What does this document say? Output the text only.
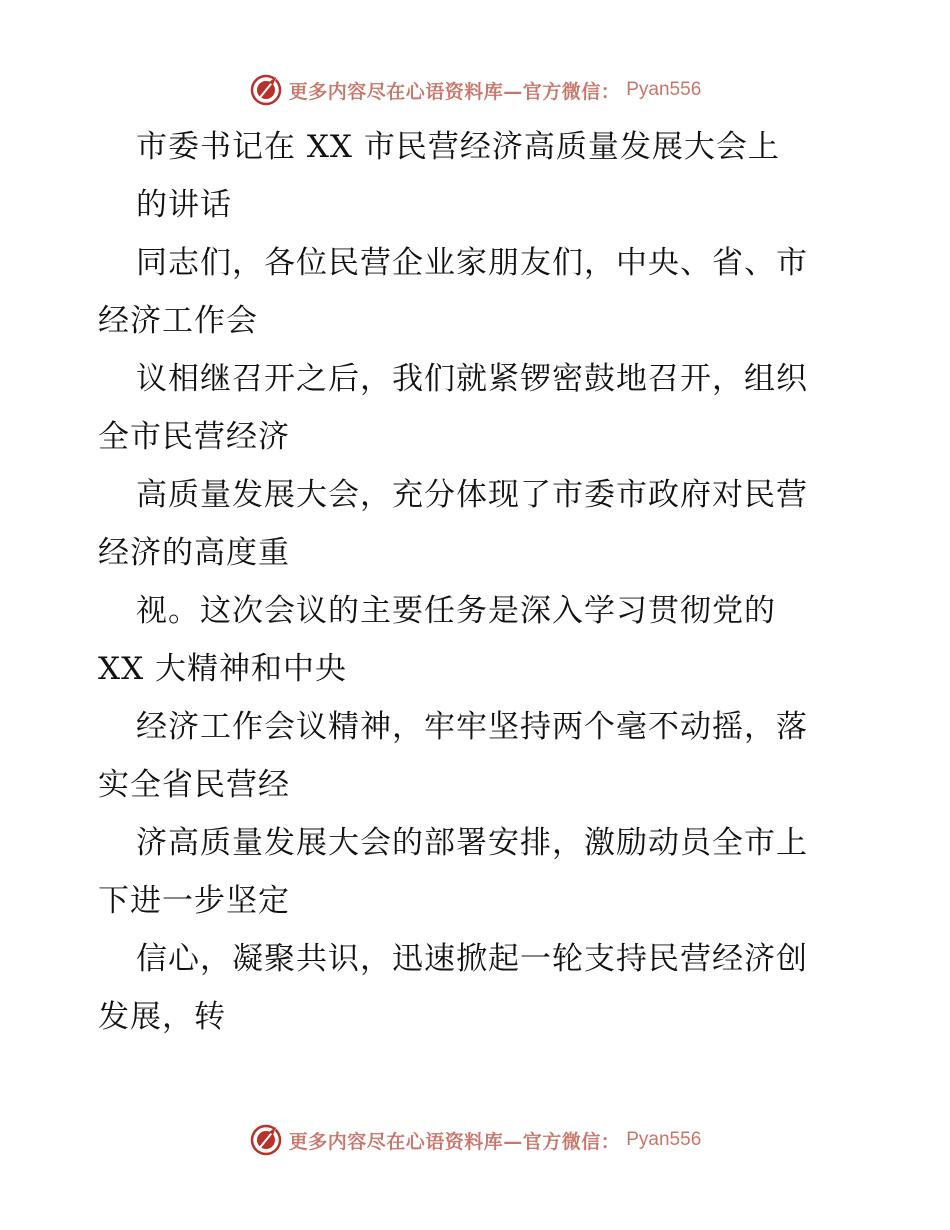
更多内容尽在心语资料库—官方微信： Pyan556
市委书记在 XX 市民营经济高质量发展大会上
的讲话
同志们，各位民营企业家朋友们，中央、省、市
经济工作会
议相继召开之后，我们就紧锣密鼓地召开，组织
全市民营经济
高质量发展大会，充分体现了市委市政府对民营
经济的高度重
视。这次会议的主要任务是深入学习贯彻党的
XX 大精神和中央
经济工作会议精神，牢牢坚持两个毫不动摇，落
实全省民营经
济高质量发展大会的部署安排，激励动员全市上
下进一步坚定
信心，凝聚共识，迅速掀起一轮支持民营经济创
发展，转
更多内容尽在心语资料库—官方微信： Pyan556
